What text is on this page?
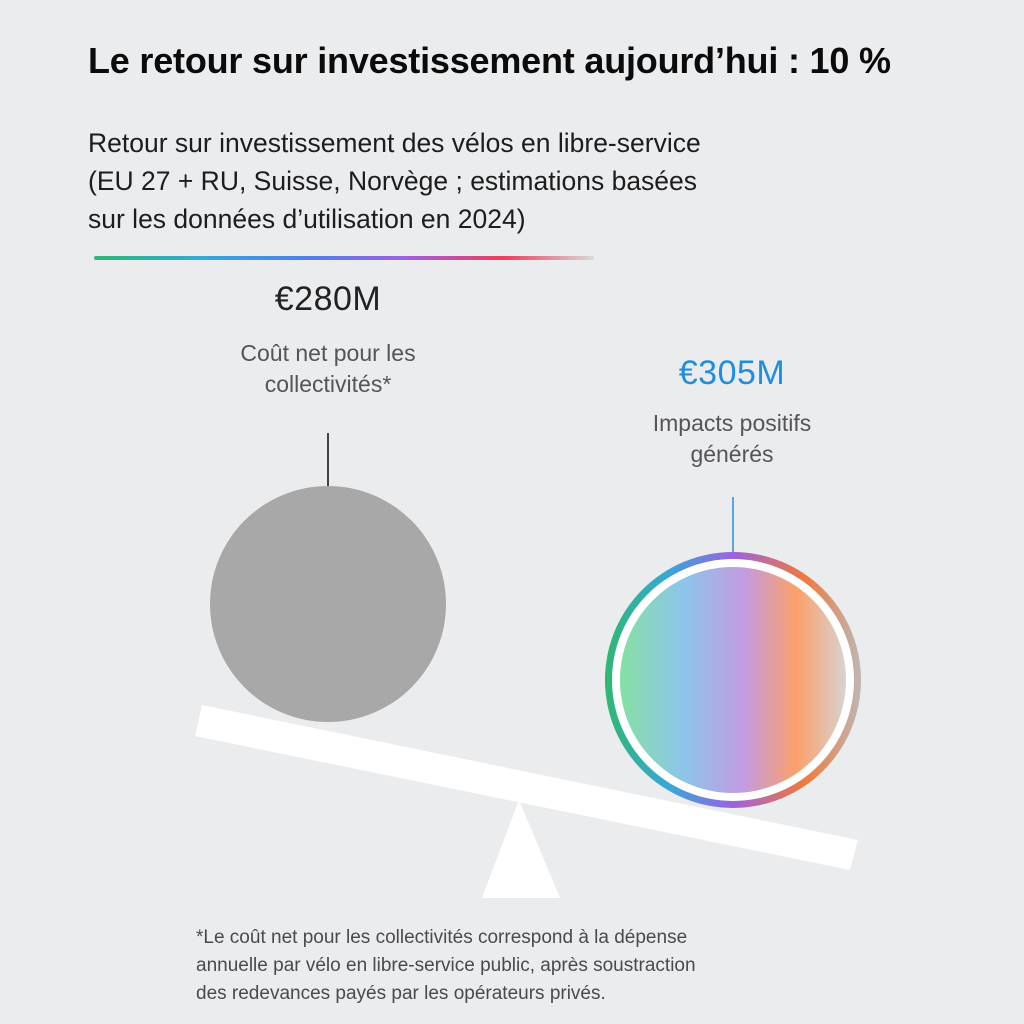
Le retour sur investissement aujourd’hui : 10 %
Retour sur investissement des vélos en libre-service
(EU 27 + RU, Suisse, Norvège ; estimations basées
sur les données d’utilisation en 2024)
€280M
Coût net pour les
collectivités*	€305M
Impacts positifs
générés
*Le coût net pour les collectivités correspond à la dépense
annuelle par vélo en libre-service public, après soustraction
des redevances payés par les opérateurs privés.
